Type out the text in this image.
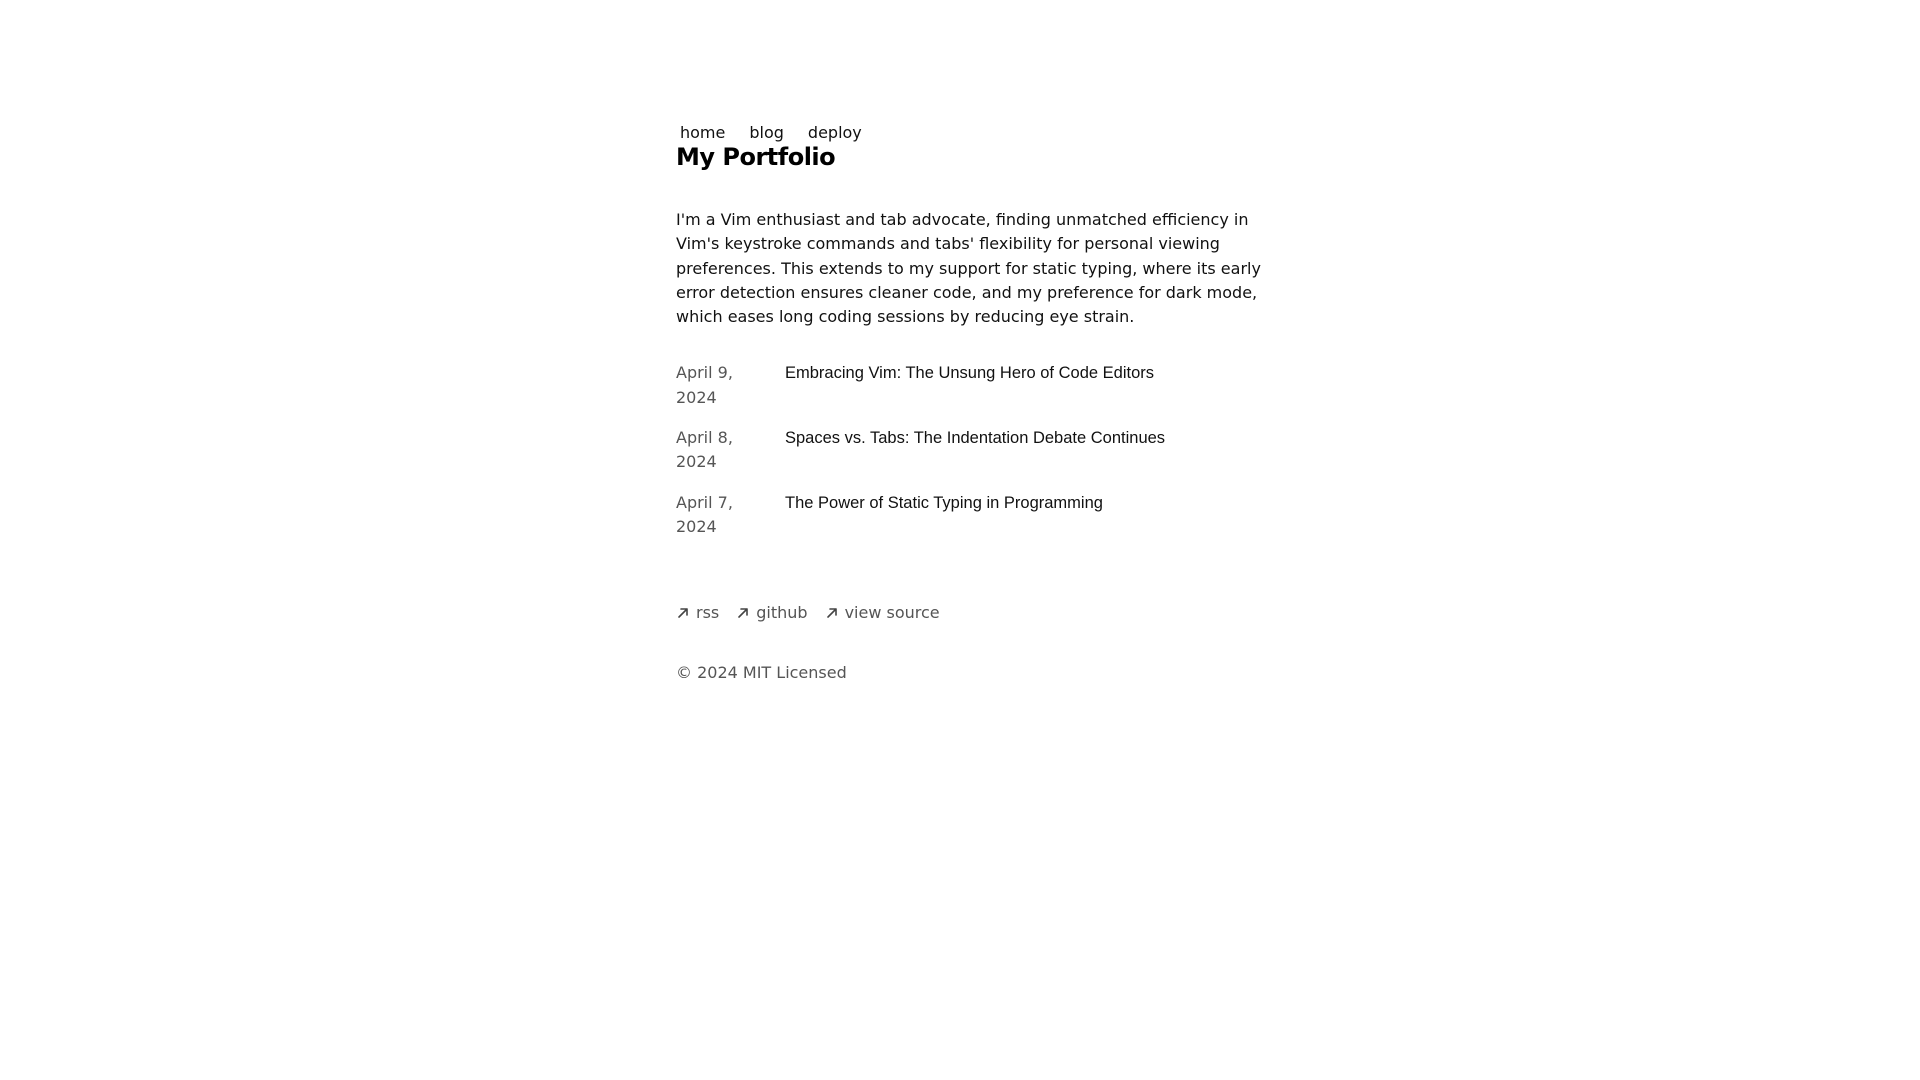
home blog deploy
My Portfolio

I'm a Vim enthusiast and tab advocate, finding unmatched efficiency in Vim's keystroke commands and tabs' flexibility for personal viewing preferences. This extends to my support for static typing, where its early error detection ensures cleaner code, and my preference for dark mode, which eases long coding sessions by reducing eye strain.

April 9, 2024
Embracing Vim: The Unsung Hero of Code Editors
April 8, 2024
Spaces vs. Tabs: The Indentation Debate Continues
April 7, 2024
The Power of Static Typing in Programming
rss github view source
© 2024 MIT Licensed
